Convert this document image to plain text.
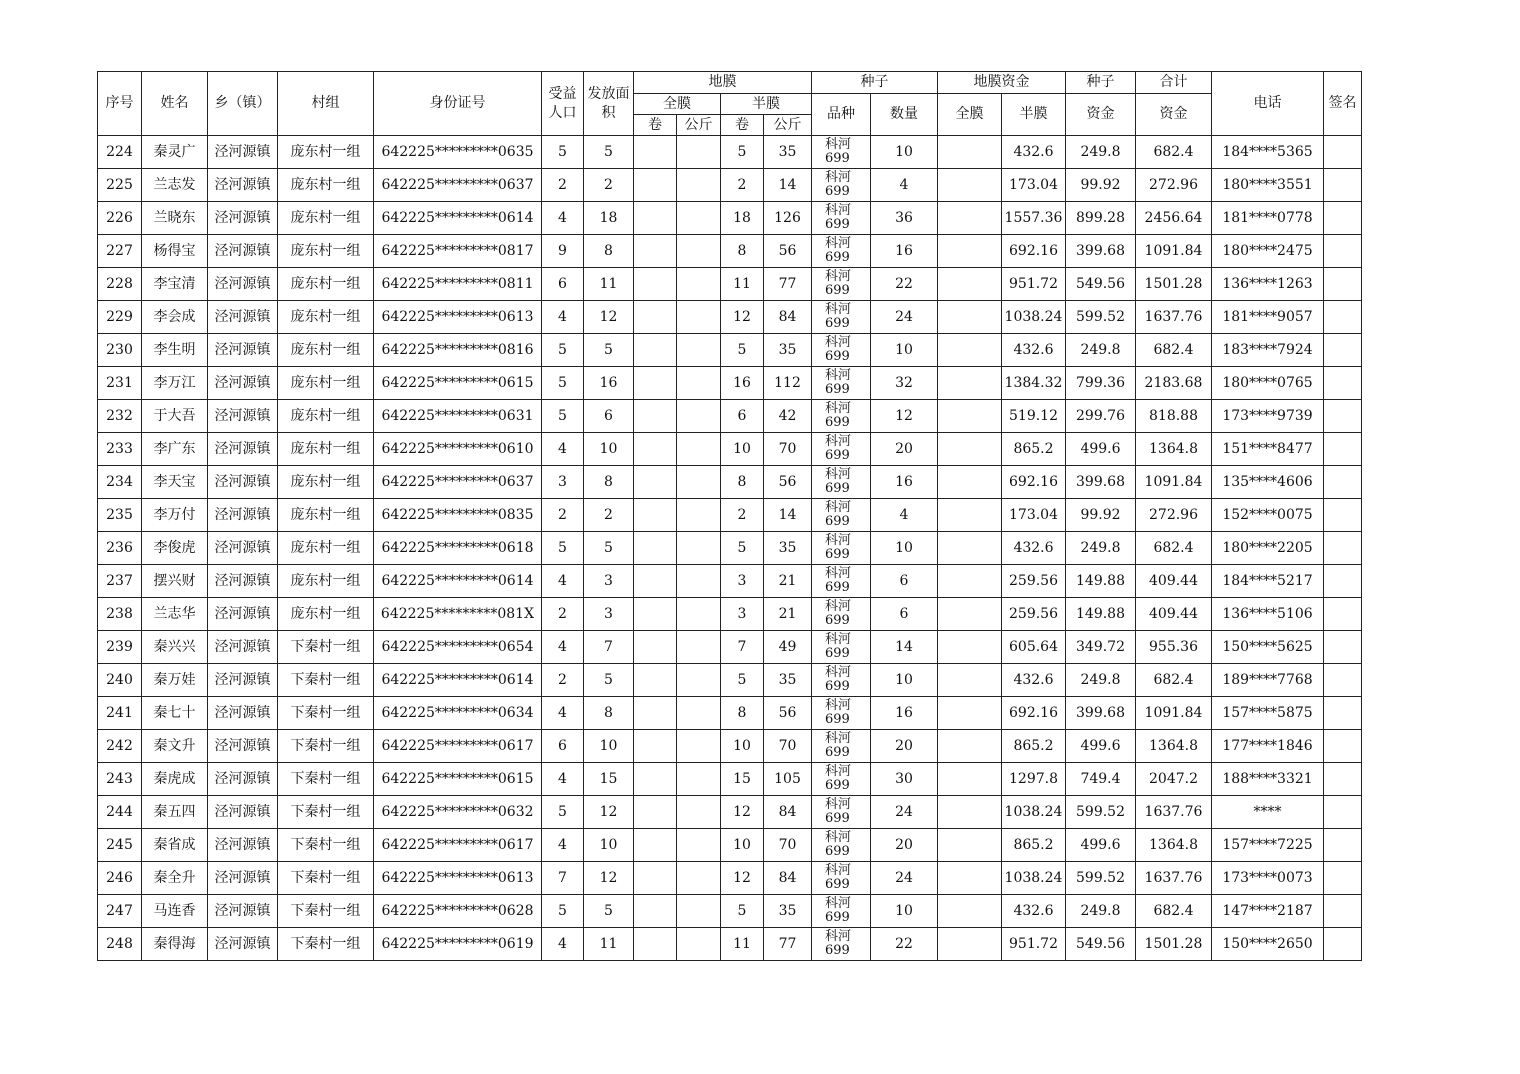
序号	姓名	乡（镇）	村组	身份证号	受益人口	发放面积	地膜				种子		地膜资金		种子	合计	电话	签名
							全膜		半膜		品种	数量	全膜	半膜	资金	资金		
							卷	公斤	卷	公斤								
224	秦灵广	泾河源镇	庞东村一组	642225*********0635	5	5			5	35	科河699	10		432.6	249.8	682.4	184****5365	
225	兰志发	泾河源镇	庞东村一组	642225*********0637	2	2			2	14	科河699	4		173.04	99.92	272.96	180****3551	
226	兰晓东	泾河源镇	庞东村一组	642225*********0614	4	18			18	126	科河699	36		1557.36	899.28	2456.64	181****0778	
227	杨得宝	泾河源镇	庞东村一组	642225*********0817	9	8			8	56	科河699	16		692.16	399.68	1091.84	180****2475	
228	李宝清	泾河源镇	庞东村一组	642225*********0811	6	11			11	77	科河699	22		951.72	549.56	1501.28	136****1263	
229	李会成	泾河源镇	庞东村一组	642225*********0613	4	12			12	84	科河699	24		1038.24	599.52	1637.76	181****9057	
230	李生明	泾河源镇	庞东村一组	642225*********0816	5	5			5	35	科河699	10		432.6	249.8	682.4	183****7924	
231	李万江	泾河源镇	庞东村一组	642225*********0615	5	16			16	112	科河699	32		1384.32	799.36	2183.68	180****0765	
232	于大吾	泾河源镇	庞东村一组	642225*********0631	5	6			6	42	科河699	12		519.12	299.76	818.88	173****9739	
233	李广东	泾河源镇	庞东村一组	642225*********0610	4	10			10	70	科河699	20		865.2	499.6	1364.8	151****8477	
234	李天宝	泾河源镇	庞东村一组	642225*********0637	3	8			8	56	科河699	16		692.16	399.68	1091.84	135****4606	
235	李万付	泾河源镇	庞东村一组	642225*********0835	2	2			2	14	科河699	4		173.04	99.92	272.96	152****0075	
236	李俊虎	泾河源镇	庞东村一组	642225*********0618	5	5			5	35	科河699	10		432.6	249.8	682.4	180****2205	
237	摆兴财	泾河源镇	庞东村一组	642225*********0614	4	3			3	21	科河699	6		259.56	149.88	409.44	184****5217	
238	兰志华	泾河源镇	庞东村一组	642225*********081X	2	3			3	21	科河699	6		259.56	149.88	409.44	136****5106	
239	秦兴兴	泾河源镇	下秦村一组	642225*********0654	4	7			7	49	科河699	14		605.64	349.72	955.36	150****5625	
240	秦万娃	泾河源镇	下秦村一组	642225*********0614	2	5			5	35	科河699	10		432.6	249.8	682.4	189****7768	
241	秦七十	泾河源镇	下秦村一组	642225*********0634	4	8			8	56	科河699	16		692.16	399.68	1091.84	157****5875	
242	秦文升	泾河源镇	下秦村一组	642225*********0617	6	10			10	70	科河699	20		865.2	499.6	1364.8	177****1846	
243	秦虎成	泾河源镇	下秦村一组	642225*********0615	4	15			15	105	科河699	30		1297.8	749.4	2047.2	188****3321	
244	秦五四	泾河源镇	下秦村一组	642225*********0632	5	12			12	84	科河699	24		1038.24	599.52	1637.76	****	
245	秦省成	泾河源镇	下秦村一组	642225*********0617	4	10			10	70	科河699	20		865.2	499.6	1364.8	157****7225	
246	秦全升	泾河源镇	下秦村一组	642225*********0613	7	12			12	84	科河699	24		1038.24	599.52	1637.76	173****0073	
247	马连香	泾河源镇	下秦村一组	642225*********0628	5	5			5	35	科河699	10		432.6	249.8	682.4	147****2187	
248	秦得海	泾河源镇	下秦村一组	642225*********0619	4	11			11	77	科河699	22		951.72	549.56	1501.28	150****2650	
